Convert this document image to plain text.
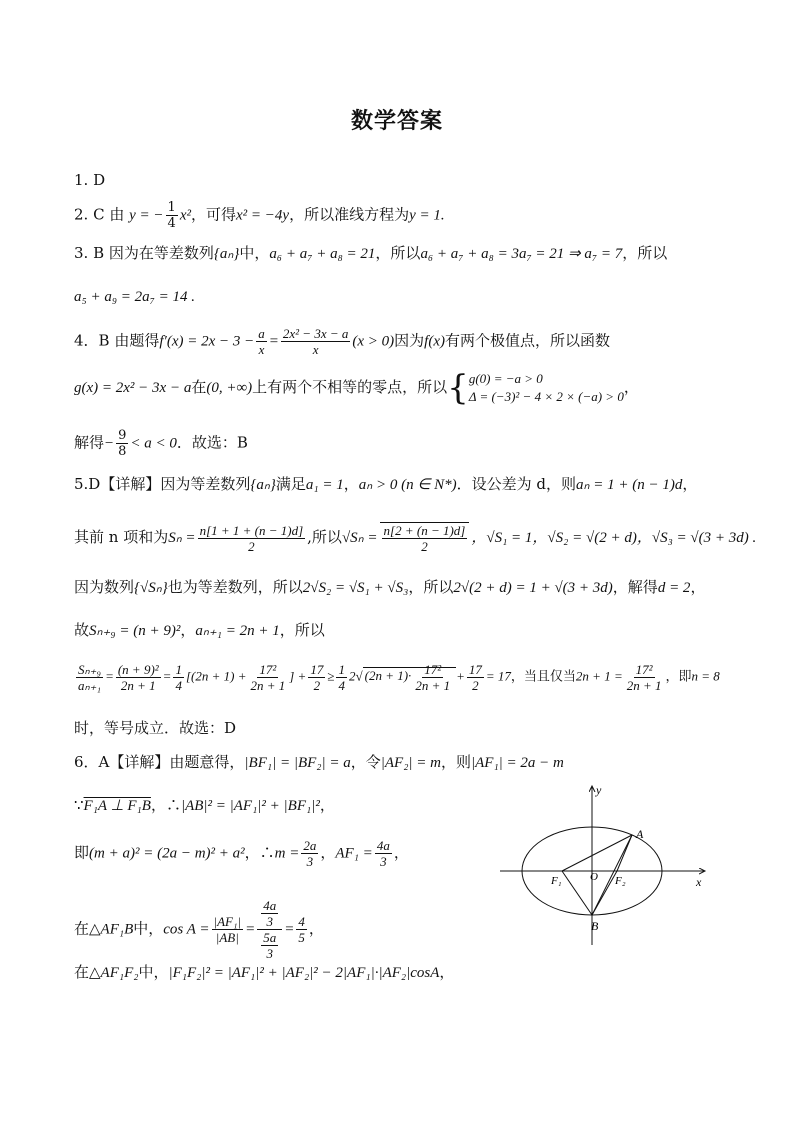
数学答案
1. D
2. C 由 y = − $\frac{1}{4} x^2$，可得x² = −4y，所以准线方程为y = 1.
3. B 因为在等差数列{aₙ}中，a₆ + a₇ + a₈ = 21，所以a₆ + a₇ + a₈ = 3a₇ = 21 ⇒ a₇ = 7，所以
a₅ + a₉ = 2a₇ = 14 .
4．B 由题得$f'(x) = 2x - 3 - \frac{a}{x} = \frac{\text{2x² − 3x − a}}{x} (x > 0)$因为f(x)有两个极值点，所以函数
g(x) = 2x² − 3x − a在(0, +∞)上有两个不相等的零点，所以{ g(0) = −a > 0
Δ = (−3)² − 4 × 2 × (−a) > 0
，
解得− $\frac{9}{8} < a < 0$．故选：B
5.D【详解】因为等差数列{aₙ}满足a₁ = 1，aₙ > 0 (n ∈ N*)．设公差为 d，则aₙ = 1 + (n − 1)d，
其前 n 项和为$S_n = \frac{n[1 + 1 + (n - 1)d]}{2}$ ,所以$√S_n = \frac{n[2 + (n - 1)d]}{2}$ ，√S₁ = 1，√S₂ = √(2 + d)，√S₃ = √(3 + 3d) .
因为数列{√Sₙ}也为等差数列，所以2√S₂ = √S₁ + √S₃，所以2√(2 + d) = 1 + √(3 + 3d)，解得d = 2，
故Sₙ₊₉ = (n + 9)²，aₙ₊₁ = 2n + 1，所以
$\frac{\text{Sₙ₊₉}}{\text{aₙ₊₁}} = \frac{\text{(n + 9)²}}{2n + 1} = \frac{1}{4} [(2n + 1) + \frac{\text{17²}}{2n + 1}$ ] + $\frac{17}{2} \ge \frac{1}{4} 2√$ $(2n + 1)\cdot \frac{\text{17²}}{2n + 1} + \frac{17}{2} = 17$，当且仅当$2n + 1 = \frac{\text{17²}}{2n + 1}$ ，即n = 8
时，等号成立．故选：D
6．A【详解】由题意得，|BF₁| = |BF₂| = a，令|AF₂| = m，则|AF₁| = 2a − m
∵F₁A ⊥ F₁B，∴|AB|² = |AF₁|² + |BF₁|²，
即(m + a)² = (2a − m)² + a²，∴m = $\frac{2a}{3}$ ，$AF_1 = \frac{4a}{3}$ ，
在△AF₁B中，$\cos A = \frac{\text{|AF₁|}}{|AB|} = \frac{\frac{4a}{3}}{\frac{5a}{3}} = \frac{4}{5}$ ，
在△AF₁F₂中，|F₁F₂|² = |AF₁|² + |AF₂|² − 2|AF₁|·|AF₂|cosA，
y
x
A
B
O
F₁	F₂
